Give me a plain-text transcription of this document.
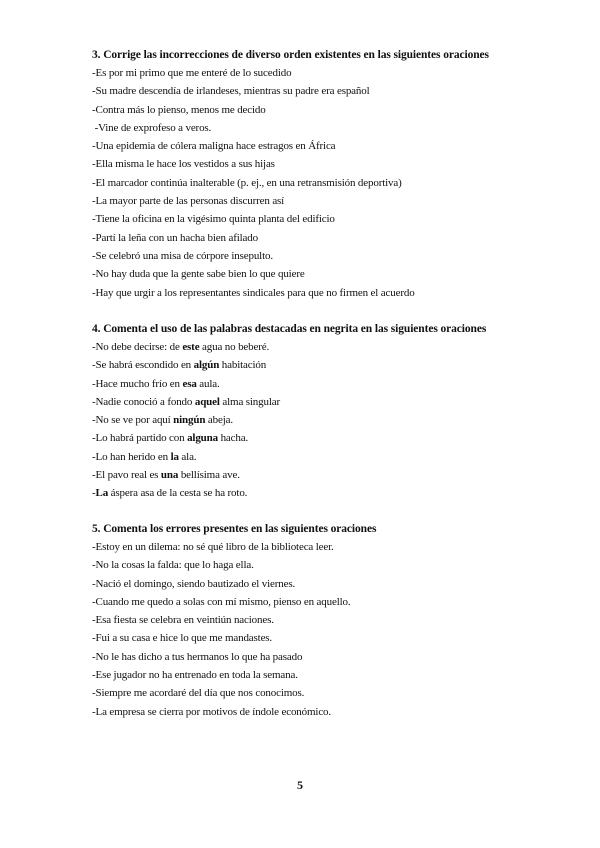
3. Corrige las incorrecciones de diverso orden existentes en las siguientes oraciones
-Es por mi primo que me enteré de lo sucedido
-Su madre descendía de irlandeses, mientras su padre era español
-Contra más lo pienso, menos me decido
-Vine de exprofeso a veros.
-Una epidemia de cólera maligna hace estragos en África
-Ella misma le hace los vestidos a sus hijas
-El marcador continúa inalterable (p. ej., en una retransmisión deportiva)
-La mayor parte de las personas discurren así
-Tiene la oficina en la vigésimo quinta planta del edificio
-Partí la leña con un hacha bien afilado
-Se celebró una misa de córpore insepulto.
-No hay duda que la gente sabe bien lo que quiere
-Hay que urgir a los representantes sindicales para que no firmen el acuerdo
4. Comenta el uso de las palabras destacadas en negrita en las siguientes oraciones
-No debe decirse: de este agua no beberé.
-Se habrá escondido en algún habitación
-Hace mucho frío en esa aula.
-Nadie conoció a fondo aquel alma singular
-No se ve por aquí ningún abeja.
-Lo habrá partido con alguna hacha.
-Lo han herido en la ala.
-El pavo real es una bellísima ave.
-La áspera asa de la cesta se ha roto.
5. Comenta los errores presentes en las siguientes oraciones
-Estoy en un dilema: no sé qué libro de la biblioteca leer.
-No la cosas la falda: que lo haga ella.
-Nació el domingo, siendo bautizado el viernes.
-Cuando me quedo a solas con mí mismo, pienso en aquello.
-Esa fiesta se celebra en veintiún naciones.
-Fui a su casa e hice lo que me mandastes.
-No le has dicho a tus hermanos lo que ha pasado
-Ese jugador no ha entrenado en toda la semana.
-Siempre me acordaré del día que nos conocimos.
-La empresa se cierra por motivos de índole económico.
5
